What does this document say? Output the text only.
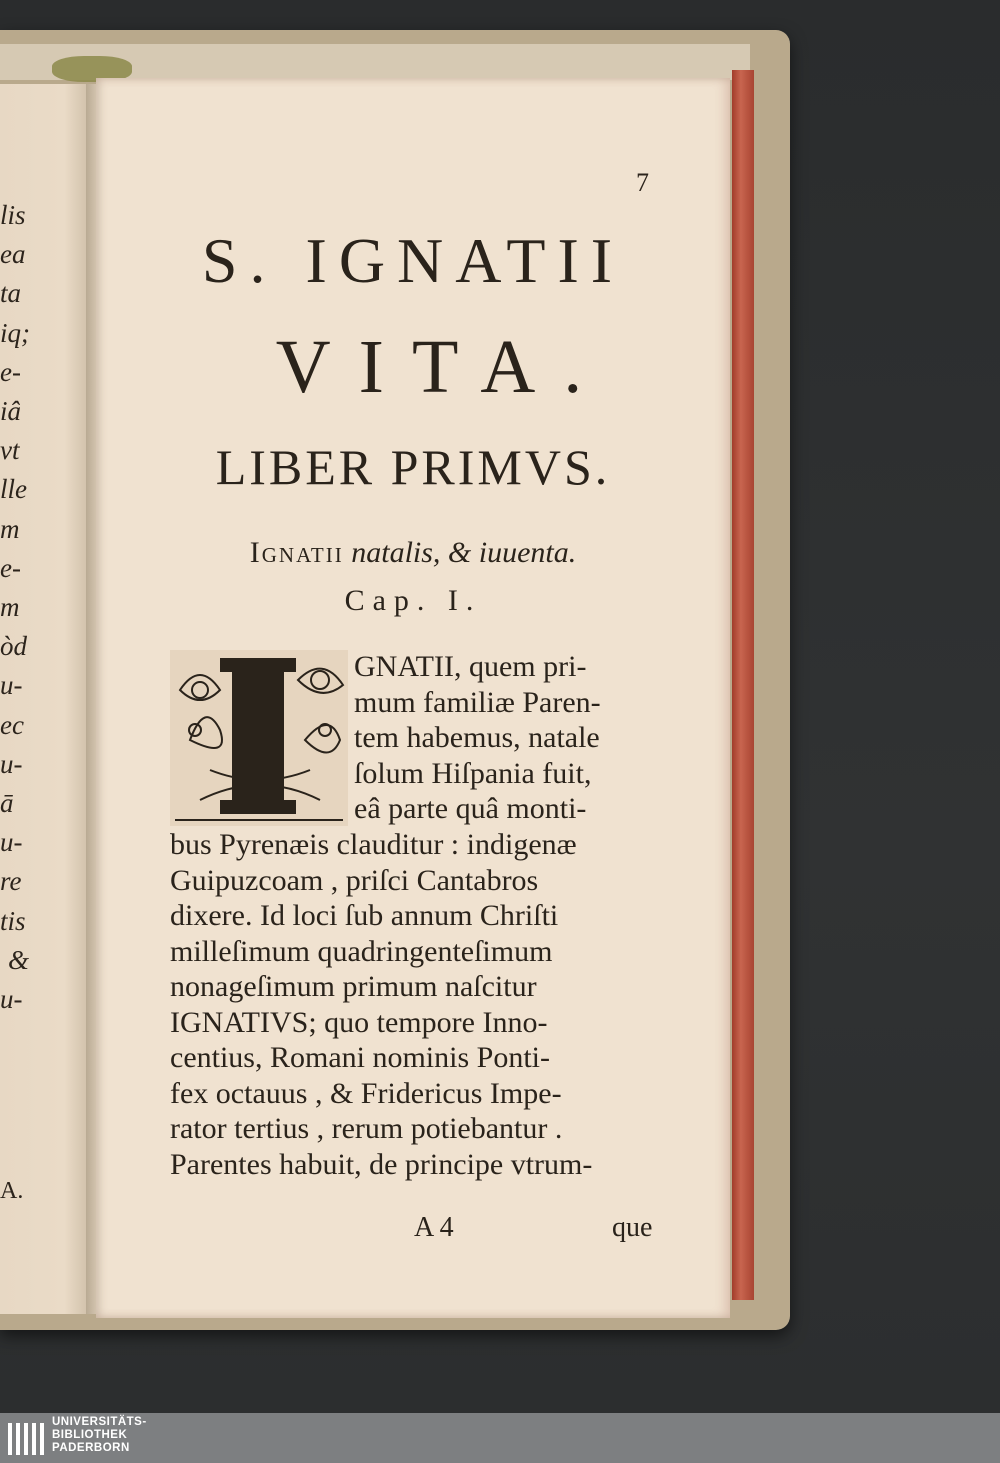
A.
lis
ea
ta
iq;
e-
iâ
vt
lle
m
e-
m
òd
u-
ec
u-
ā
u-
re
tis
&
u-
7
S. IGNATII
VITA.
LIBER PRIMVS.
Ignatii natalis, & iuuenta.
Cap. I.
I
GNATII, quem pri-
mum familiæ Paren-
tem habemus, natale
ſolum Hiſpania fuit,
eâ parte quâ monti-
bus Pyrenæis clauditur : indigenæ
Guipuzcoam , priſci Cantabros
dixere. Id loci ſub annum Chriſti
milleſimum quadringenteſimum
nonageſimum primum naſcitur
IGNATIVS; quo tempore Inno-
centius, Romani nominis Ponti-
fex octauus , & Fridericus Impe-
rator tertius , rerum potiebantur .
Parentes habuit, de principe vtrum-
A 4	que
UNIVERSITÄTS-
BIBLIOTHEK
PADERBORN
